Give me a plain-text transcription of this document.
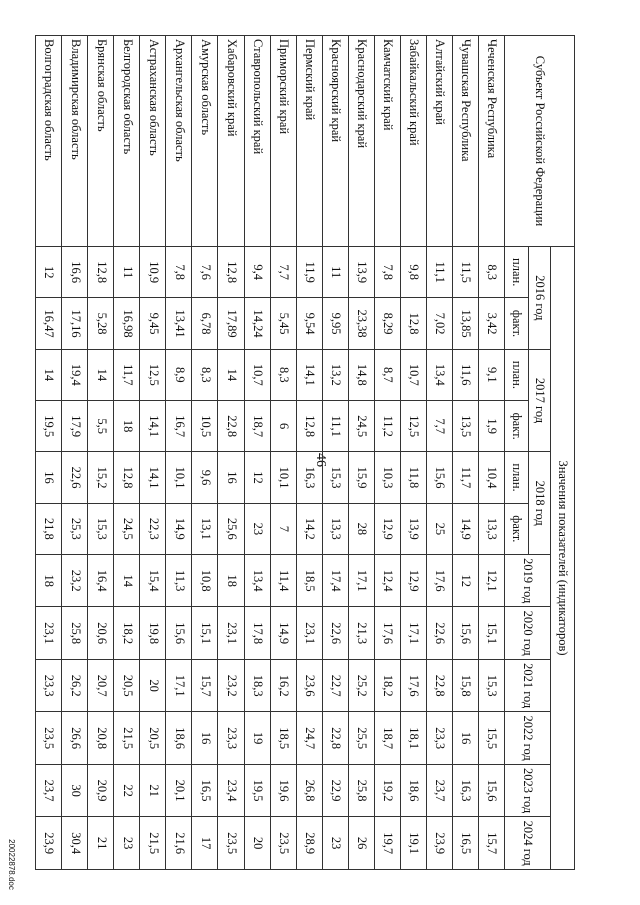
46
Субъект Российской Федерации	Значения показателей (индикаторов)											
	2016 год		2017 год		2018 год		2019 год	2020 год	2021 год	2022 год	2023 год	2024 год
	план.	факт.	план.	факт.	план.	факт.						
Чеченская Республика	8,3	3,42	9,1	1,9	10,4	13,3	12,1	15,1	15,3	15,5	15,6	15,7
Чувашская Республика	11,5	13,85	11,6	13,5	11,7	14,9	12	15,6	15,8	16	16,3	16,5
Алтайский край	11,1	7,02	13,4	7,7	15,6	25	17,6	22,6	22,8	23,3	23,7	23,9
Забайкальский край	9,8	12,8	10,7	12,5	11,8	13,9	12,9	17,1	17,6	18,1	18,6	19,1
Камчатский край	7,8	8,29	8,7	11,2	10,3	12,9	12,4	17,6	18,2	18,7	19,2	19,7
Краснодарский край	13,9	23,38	14,8	24,5	15,9	28	17,1	21,3	25,2	25,5	25,8	26
Красноярский край	11	9,95	13,2	11,1	15,3	13,3	17,4	22,6	22,7	22,8	22,9	23
Пермский край	11,9	9,54	14,1	12,8	16,3	14,2	18,5	23,1	23,6	24,7	26,8	28,9
Приморский край	7,7	5,45	8,3	6	10,1	7	11,4	14,9	16,2	18,5	19,6	23,5
Ставропольский край	9,4	14,24	10,7	18,7	12	23	13,4	17,8	18,3	19	19,5	20
Хабаровский край	12,8	17,89	14	22,8	16	25,6	18	23,1	23,2	23,3	23,4	23,5
Амурская область	7,6	6,78	8,3	10,5	9,6	13,1	10,8	15,1	15,7	16	16,5	17
Архангельская область	7,8	13,41	8,9	16,7	10,1	14,9	11,3	15,6	17,1	18,6	20,1	21,6
Астраханская область	10,9	9,45	12,5	14,1	14,1	22,3	15,4	19,8	20	20,5	21	21,5
Белгородская область	11	16,98	11,7	18	12,8	24,5	14	18,2	20,5	21,5	22	23
Брянская область	12,8	5,28	14	5,5	15,2	15,3	16,4	20,6	20,7	20,8	20,9	21
Владимирская область	16,6	17,16	19,4	17,9	22,6	25,3	23,2	25,8	26,2	26,6	30	30,4
Волгоградская область	12	16,47	14	19,5	16	21,8	18	23,1	23,3	23,5	23,7	23,9
20022878.doc
